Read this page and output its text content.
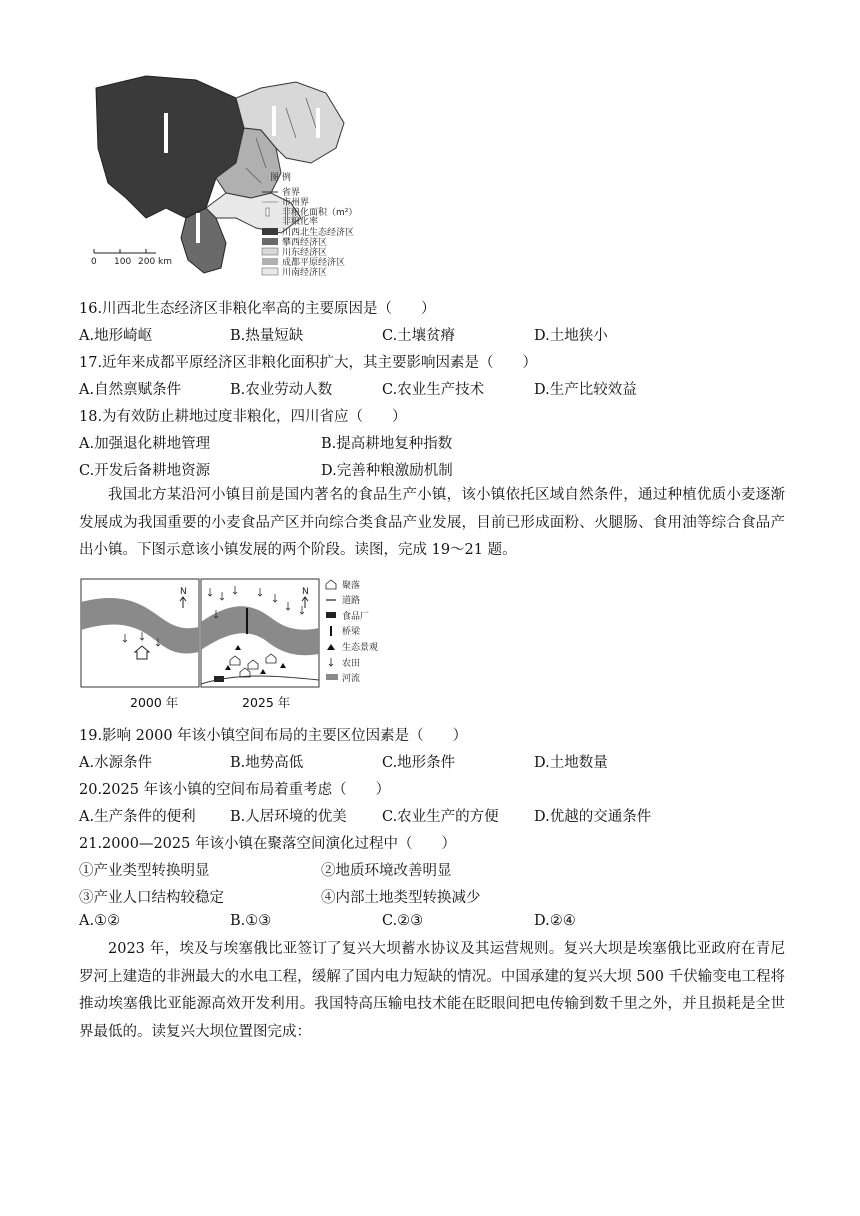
图 例
省界
市州界
非粮化面积（m²）
非粮化率
川西北生态经济区
攀西经济区
川东经济区
成都平原经济区
川南经济区
0 100 200 km
16.川西北生态经济区非粮化率高的主要原因是（　　）
A.地形崎岖	B.热量短缺	C.土壤贫瘠	D.土地狭小
17.近年来成都平原经济区非粮化面积扩大，其主要影响因素是（　　）
A.自然禀赋条件	B.农业劳动人数	C.农业生产技术	D.生产比较效益
18.为有效防止耕地过度非粮化，四川省应（　　）
A.加强退化耕地管理	B.提高耕地复种指数
C.开发后备耕地资源	D.完善种粮激励机制
我国北方某沿河小镇目前是国内著名的食品生产小镇，该小镇依托区域自然条件，通过种植优质小麦逐渐发展成为我国重要的小麦食品产区并向综合类食品产业发展，目前已形成面粉、火腿肠、食用油等综合食品产出小镇。下图示意该小镇发展的两个阶段。读图，完成 19～21 题。
N	N
聚落
道路
食品厂
桥梁
生态景观
农田
河流
2000 年	2025 年
19.影响 2000 年该小镇空间布局的主要区位因素是（　　）
A.水源条件	B.地势高低	C.地形条件	D.土地数量
20.2025 年该小镇的空间布局着重考虑（　　）
A.生产条件的便利 B.人居环境的优美 C.农业生产的方便 D.优越的交通条件
21.2000—2025 年该小镇在聚落空间演化过程中（　　）
①产业类型转换明显	②地质环境改善明显
③产业人口结构较稳定	④内部土地类型转换减少
A.①②	B.①③	C.②③	D.②④
2023 年，埃及与埃塞俄比亚签订了复兴大坝蓄水协议及其运营规则。复兴大坝是埃塞俄比亚政府在青尼罗河上建造的非洲最大的水电工程，缓解了国内电力短缺的情况。中国承建的复兴大坝 500 千伏输变电工程将推动埃塞俄比亚能源高效开发利用。我国特高压输电技术能在眨眼间把电传输到数千里之外，并且损耗是全世界最低的。读复兴大坝位置图完成：
